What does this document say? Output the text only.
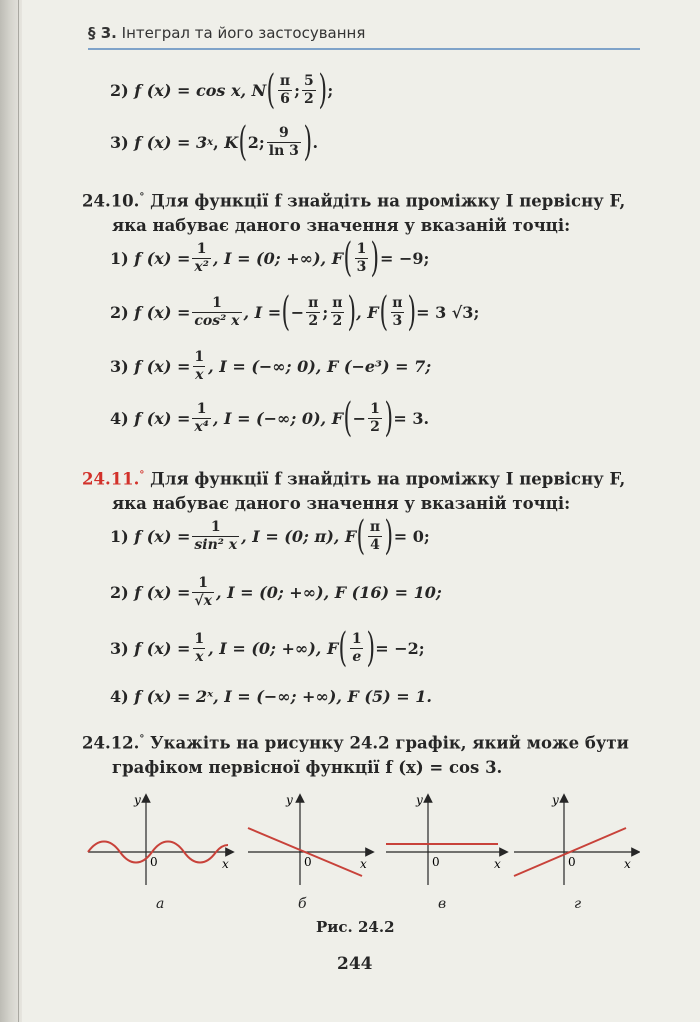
§ 3. Інтеграл та його застосування
2)
f (x) = cos x,
N ( $\frac{\pi}{6}$ ; $\frac{5}{2}$ ) ;
3)
f (x) = 3 x , K ( 2; $\frac{9}{\ln 3}$ ) .
24.10.° Для функції f знайдіть на проміжку I первісну F,
яка набуває даного значення у вказаній точці:
1)
f $(x) = \frac{1}{\text{x²}}$ , I = (0; +∞),
F ( $\frac{1}{3}$ ) = −9;
2)
f $(x) = \frac{1}{\text{cos² x}}$ , I = ( − $\frac{\pi}{2}$ ; $\frac{\pi}{2}$ ) , F ( $\frac{\pi}{3}$ ) = 3 √3;
3)
f $(x) = \frac{1}{x}$ , I = (−∞; 0), F (−e³) = 7;
4)
f $(x) = \frac{1}{\text{x⁴}}$ , I = (−∞; 0),
F ( − $\frac{1}{2}$ ) = 3.
24.11.° Для функції f знайдіть на проміжку I первісну F,
яка набуває даного значення у вказаній точці:
1)
f $(x) = \frac{1}{\text{sin² x}}$ , I = (0; π),
F ( $\frac{\pi}{4}$ ) = 0;
2)
f $(x) = \frac{1}{√x}$ , I = (0; +∞), F (16) = 10;
3)
f $(x) = \frac{1}{x}$ , I = (0; +∞),
F ( $\frac{1}{e}$ ) = −2;
4)
f (x) = 2ˣ, I = (−∞; +∞), F (5) = 1.
24.12.° Укажіть на рисунку 24.2 графік, який може бути
графіком первісної функції f (x) = cos 3.
y
x
0
y
x
0
y
x
0
y
x
0
а	б	в	г
Рис. 24.2
244
